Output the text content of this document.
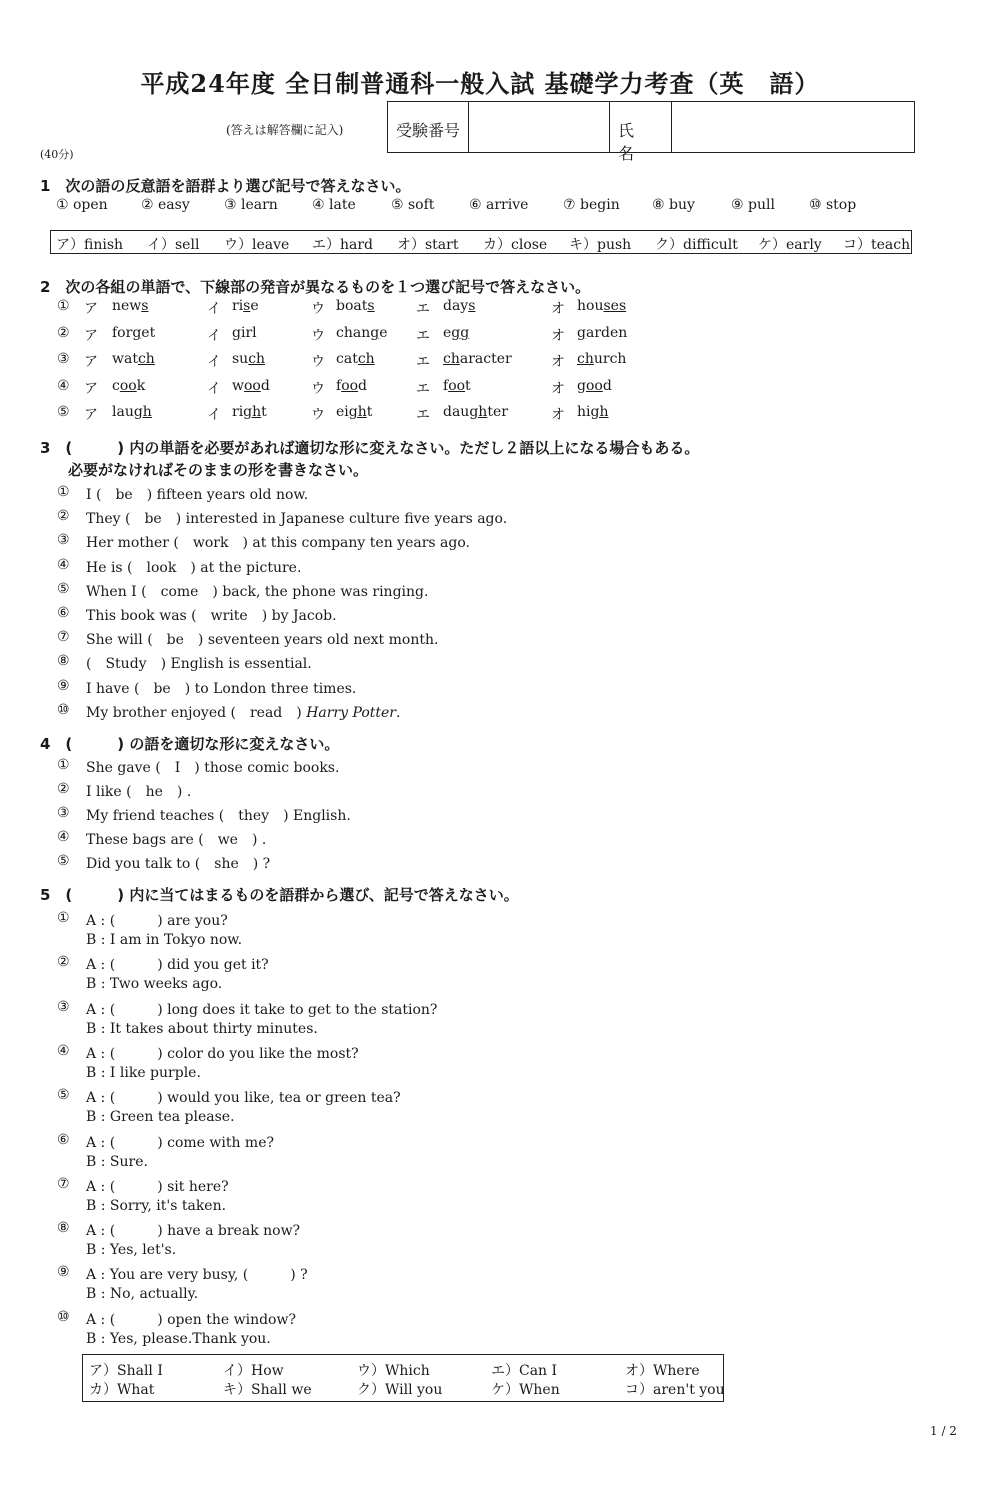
平成24年度 全日制普通科一般入試 基礎学力考査（英　語）
(答えは解答欄に記入)
(40分)
受験番号	氏　名
1　次の語の反意語を語群より選び記号で答えなさい。
① open ② easy ③ learn ④ late	⑤ soft ⑥ arrive ⑦ begin ⑧ buy	⑨ pull ⑩ stop
ア）finish イ）sell ウ）leave エ）hard オ）start カ）close キ）push ク）difficult ケ）early コ）teach
2　次の各組の単語で、下線部の発音が異なるものを１つ選び記号で答えなさい。
① ア news	イ rise	ウ boats	エ days	オ houses
② ア forget	イ girl	ウ change エ egg	オ garden
③ ア watch	イ such	ウ catch	エ character	オ church
④ ア cook	イ wood	ウ food	エ foot	オ good
⑤ ア laugh	イ right	ウ eight	エ daughter	オ high
3　(　　　) 内の単語を必要があれば適切な形に変えなさい。ただし２語以上になる場合もある。
必要がなければそのままの形を書きなさい。
① I (　be　) fifteen years old now.
② They (　be　) interested in Japanese culture five years ago.
③ Her mother (　work　) at this company ten years ago.
④ He is (　look　) at the picture.
⑤ When I (　come　) back, the phone was ringing.
⑥ This book was (　write　) by Jacob.
⑦ She will (　be　) seventeen years old next month.
⑧ (　Study　) English is essential.
⑨ I have (　be　) to London three times.
⑩ My brother enjoyed (　read　) Harry Potter.
4　(　　　) の語を適切な形に変えなさい。
① She gave (　I　) those comic books.
② I like (　he　) .
③ My friend teaches (　they　) English.
④ These bags are (　we　) .
⑤ Did you talk to (　she　) ?
5　(　　　) 内に当てはまるものを語群から選び、記号で答えなさい。
① A : (　　　) are you?
B : I am in Tokyo now.
② A : (　　　) did you get it?
B : Two weeks ago.
③ A : (　　　) long does it take to get to the station?
B : It takes about thirty minutes.
④ A : (　　　) color do you like the most?
B : I like purple.
⑤ A : (　　　) would you like, tea or green tea?
B : Green tea please.
⑥ A : (　　　) come with me?
B : Sure.
⑦ A : (　　　) sit here?
B : Sorry, it's taken.
⑧ A : (　　　) have a break now?
B : Yes, let's.
⑨ A : You are very busy, (　　　) ?
B : No, actually.
⑩ A : (　　　) open the window?
B : Yes, please.Thank you.
ア）Shall I	イ）How	ウ）Which	エ）Can I	オ）Where
カ）What	キ）Shall we	ク）Will you	ケ）When	コ）aren't you
1 / 2
